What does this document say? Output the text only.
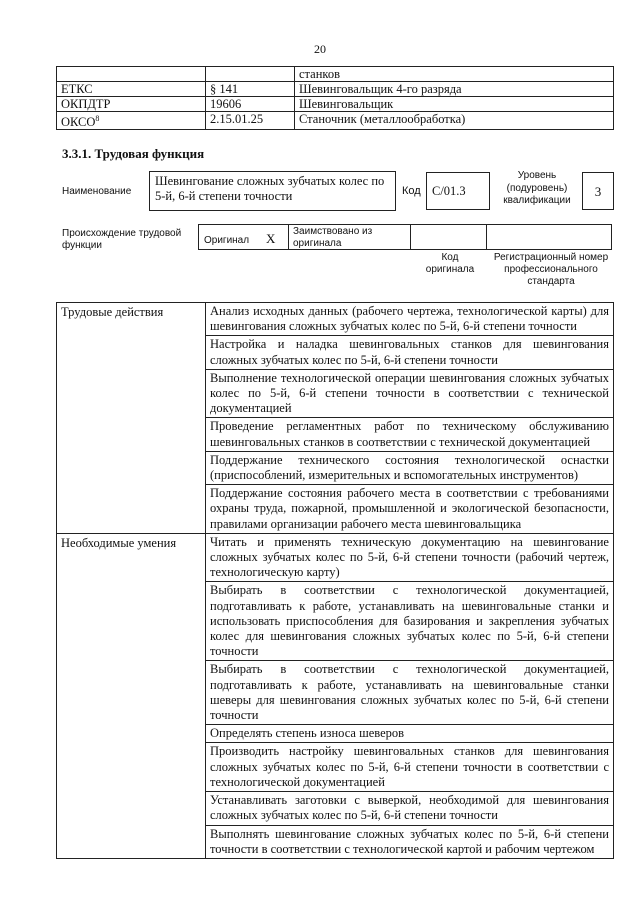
20
		станков
ЕТКС	§ 141	Шевинговальщик 4-го разряда
ОКПДТР	19606	Шевинговальщик
ОКСО$^8$	2.15.01.25	Станочник (металлообработка)
3.3.1. Трудовая функция
Наименование
Шевингование сложных зубчатых колес по 5-й, 6-й степени точности	Код C/01.3
Уровень (подуровень) квалификации
3
Происхождение трудовой функции	Оригинал X Заимствовано из оригинала
Код оригинала
Регистрационный номер профессионального стандарта
Трудовые действия	Анализ исходных данных (рабочего чертежа, технологической карты) для шевингования сложных зубчатых колес по 5-й, 6-й степени точности
	Настройка и наладка шевинговальных станков для шевингования сложных зубчатых колес по 5-й, 6-й степени точности
	Выполнение технологической операции шевингования сложных зубчатых колес по 5-й, 6-й степени точности в соответствии с технической документацией
	Проведение регламентных работ по техническому обслуживанию шевинговальных станков в соответствии с технической документацией
	Поддержание технического состояния технологической оснастки (приспособлений, измерительных и вспомогательных инструментов)
	Поддержание состояния рабочего места в соответствии с требованиями охраны труда, пожарной, промышленной и экологической безопасности, правилами организации рабочего места шевинговальщика
Необходимые умения	Читать и применять техническую документацию на шевингование сложных зубчатых колес по 5-й, 6-й степени точности (рабочий чертеж, технологическую карту)
	Выбирать в соответствии с технологической документацией, подготавливать к работе, устанавливать на шевинговальные станки и использовать приспособления для базирования и закрепления зубчатых колес для шевингования сложных зубчатых колес по 5-й, 6-й степени точности
	Выбирать в соответствии с технологической документацией, подготавливать к работе, устанавливать на шевинговальные станки шеверы для шевингования сложных зубчатых колес по 5-й, 6-й степени точности
	Определять степень износа шеверов
	Производить настройку шевинговальных станков для шевингования сложных зубчатых колес по 5-й, 6-й степени точности в соответствии с технологической документацией
	Устанавливать заготовки с выверкой, необходимой для шевингования сложных зубчатых колес по 5-й, 6-й степени точности
	Выполнять шевингование сложных зубчатых колес по 5-й, 6-й степени точности в соответствии с технологической картой и рабочим чертежом
